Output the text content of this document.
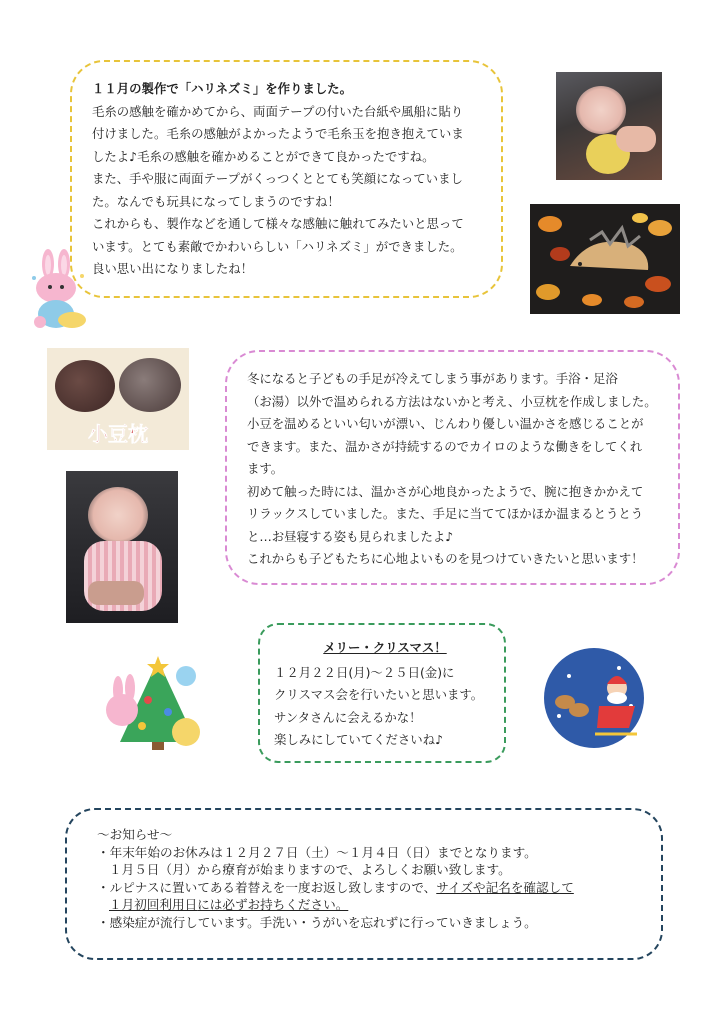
１１月の製作で「ハリネズミ」を作りました。

毛糸の感触を確かめてから、両面テープの付いた台紙や風船に貼り

付けました。毛糸の感触がよかったようで毛糸玉を抱き抱えていま

したよ♪毛糸の感触を確かめることができて良かったですね。

また、手や服に両面テープがくっつくととても笑顔になっていまし

た。なんでも玩具になってしまうのですね！

これからも、製作などを通して様々な感触に触れてみたいと思って

います。とても素敵でかわいらしい「ハリネズミ」ができました。

良い思い出になりましたね！

小豆枕

冬になると子どもの手足が冷えてしまう事があります。手浴・足浴

（お湯）以外で温められる方法はないかと考え、小豆枕を作成しました。

小豆を温めるといい匂いが漂い、じんわり優しい温かさを感じることが

できます。また、温かさが持続するのでカイロのような働きをしてくれ

ます。

初めて触った時には、温かさが心地良かったようで、腕に抱きかかえて

リラックスしていました。また、手足に当ててほかほか温まるとうとう

と…お昼寝する姿も見られましたよ♪

これからも子どもたちに心地よいものを見つけていきたいと思います！

メリー・クリスマス！

１２月２２日(月)～２５日(金)に

クリスマス会を行いたいと思います。

サンタさんに会えるかな！

楽しみにしていてくださいね♪

～お知らせ～

・年末年始のお休みは１２月２７日（土）～１月４日（日）までとなります。

１月５日（月）から療育が始まりますので、よろしくお願い致します。

・ルピナスに置いてある着替えを一度お返し致しますので、サイズや記名を確認して

１月初回利用日には必ずお持ちください。

・感染症が流行しています。手洗い・うがいを忘れずに行っていきましょう。
